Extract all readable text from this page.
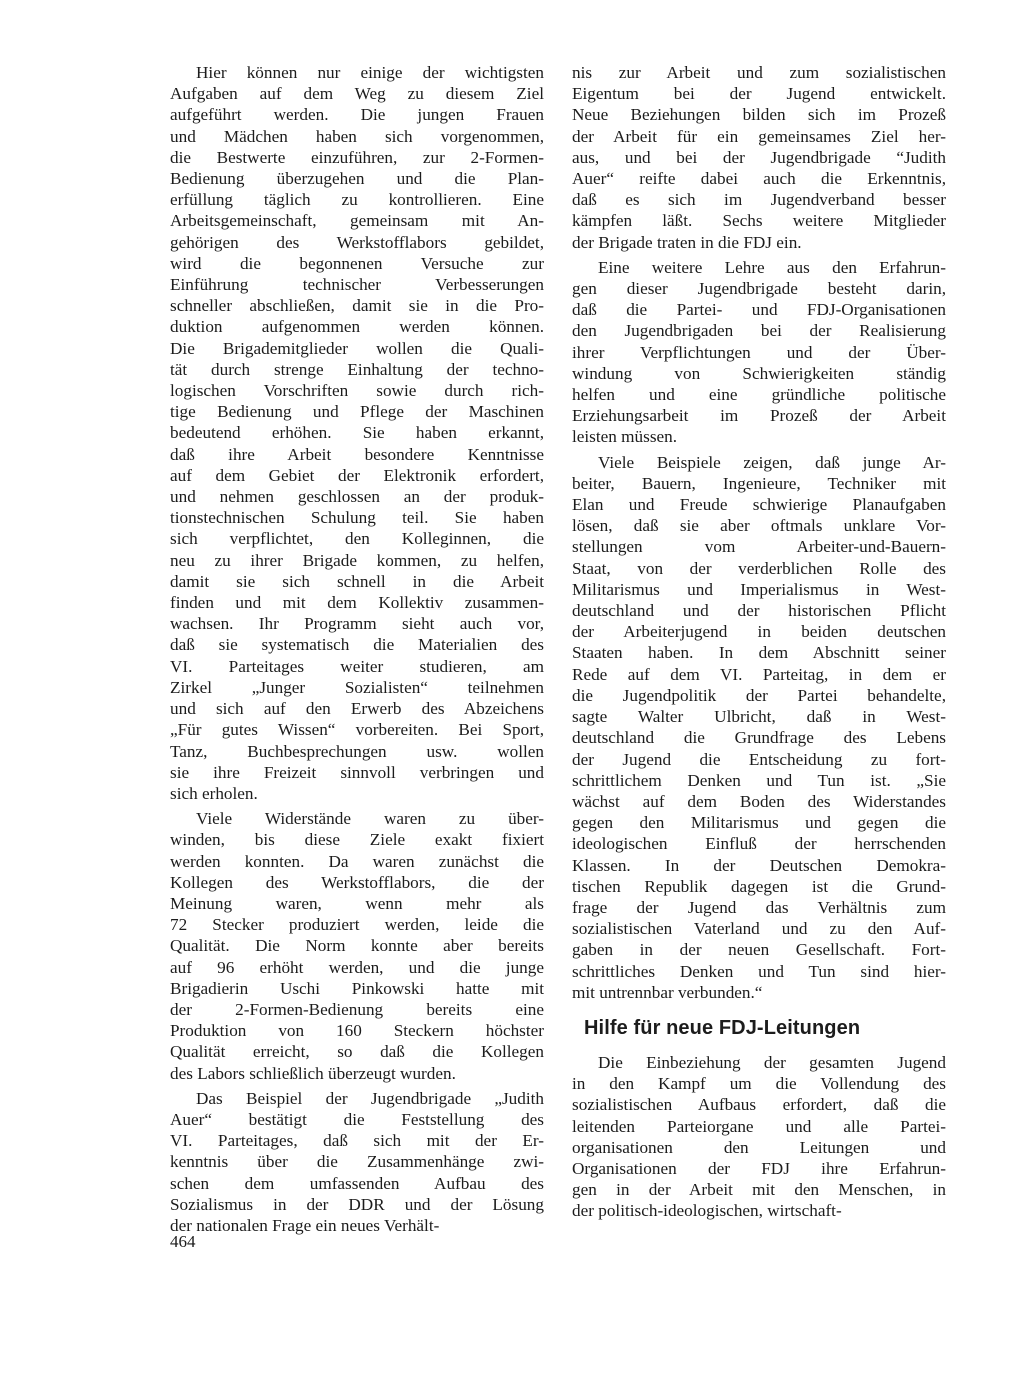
Hier können nur einige der wichtigsten
Aufgaben auf dem Weg zu diesem Ziel
aufgeführt werden. Die jungen Frauen
und Mädchen haben sich vorgenommen,
die Bestwerte einzuführen, zur 2-Formen-
Bedienung überzugehen und die Plan-
erfüllung täglich zu kontrollieren. Eine
Arbeitsgemeinschaft, gemeinsam mit An-
gehörigen des Werkstofflabors gebildet,
wird die begonnenen Versuche zur
Einführung technischer Verbesserungen
schneller abschließen, damit sie in die Pro-
duktion aufgenommen werden können.
Die Brigademitglieder wollen die Quali-
tät durch strenge Einhaltung der techno-
logischen Vorschriften sowie durch rich-
tige Bedienung und Pflege der Maschinen
bedeutend erhöhen. Sie haben erkannt,
daß ihre Arbeit besondere Kenntnisse
auf dem Gebiet der Elektronik erfordert,
und nehmen geschlossen an der produk-
tionstechnischen Schulung teil. Sie haben
sich verpflichtet, den Kolleginnen, die
neu zu ihrer Brigade kommen, zu helfen,
damit sie sich schnell in die Arbeit
finden und mit dem Kollektiv zusammen-
wachsen. Ihr Programm sieht auch vor,
daß sie systematisch die Materialien des
VI. Parteitages weiter studieren, am
Zirkel „Junger Sozialisten“ teilnehmen
und sich auf den Erwerb des Abzeichens
„Für gutes Wissen“ vorbereiten. Bei Sport,
Tanz, Buchbesprechungen usw. wollen
sie ihre Freizeit sinnvoll verbringen und
sich erholen.
Viele Widerstände waren zu über-
winden, bis diese Ziele exakt fixiert
werden konnten. Da waren zunächst die
Kollegen des Werkstofflabors, die der
Meinung waren, wenn mehr als
72 Stecker produziert werden, leide die
Qualität. Die Norm konnte aber bereits
auf 96 erhöht werden, und die junge
Brigadierin Uschi Pinkowski hatte mit
der 2-Formen-Bedienung bereits eine
Produktion von 160 Steckern höchster
Qualität erreicht, so daß die Kollegen
des Labors schließlich überzeugt wurden.
Das Beispiel der Jugendbrigade „Judith
Auer“ bestätigt die Feststellung des
VI. Parteitages, daß sich mit der Er-
kenntnis über die Zusammenhänge zwi-
schen dem umfassenden Aufbau des
Sozialismus in der DDR und der Lösung
der nationalen Frage ein neues Verhält-
nis zur Arbeit und zum sozialistischen
Eigentum bei der Jugend entwickelt.
Neue Beziehungen bilden sich im Prozeß
der Arbeit für ein gemeinsames Ziel her-
aus, und bei der Jugendbrigade “Judith
Auer“ reifte dabei auch die Erkenntnis,
daß es sich im Jugendverband besser
kämpfen läßt. Sechs weitere Mitglieder
der Brigade traten in die FDJ ein.
Eine weitere Lehre aus den Erfahrun-
gen dieser Jugendbrigade besteht darin,
daß die Partei- und FDJ-Organisationen
den Jugendbrigaden bei der Realisierung
ihrer Verpflichtungen und der Über-
windung von Schwierigkeiten ständig
helfen und eine gründliche politische
Erziehungsarbeit im Prozeß der Arbeit
leisten müssen.
Viele Beispiele zeigen, daß junge Ar-
beiter, Bauern, Ingenieure, Techniker mit
Elan und Freude schwierige Planaufgaben
lösen, daß sie aber oftmals unklare Vor-
stellungen vom Arbeiter-und-Bauern-
Staat, von der verderblichen Rolle des
Militarismus und Imperialismus in West-
deutschland und der historischen Pflicht
der Arbeiterjugend in beiden deutschen
Staaten haben. In dem Abschnitt seiner
Rede auf dem VI. Parteitag, in dem er
die Jugendpolitik der Partei behandelte,
sagte Walter Ulbricht, daß in West-
deutschland die Grundfrage des Lebens
der Jugend die Entscheidung zu fort-
schrittlichem Denken und Tun ist. „Sie
wächst auf dem Boden des Widerstandes
gegen den Militarismus und gegen die
ideologischen Einfluß der herrschenden
Klassen. In der Deutschen Demokra-
tischen Republik dagegen ist die Grund-
frage der Jugend das Verhältnis zum
sozialistischen Vaterland und zu den Auf-
gaben in der neuen Gesellschaft. Fort-
schrittliches Denken und Tun sind hier-
mit untrennbar verbunden.“
Hilfe für neue FDJ-Leitungen
Die Einbeziehung der gesamten Jugend
in den Kampf um die Vollendung des
sozialistischen Aufbaus erfordert, daß die
leitenden Parteiorgane und alle Partei-
organisationen den Leitungen und
Organisationen der FDJ ihre Erfahrun-
gen in der Arbeit mit den Menschen, in
der politisch-ideologischen, wirtschaft-
464
